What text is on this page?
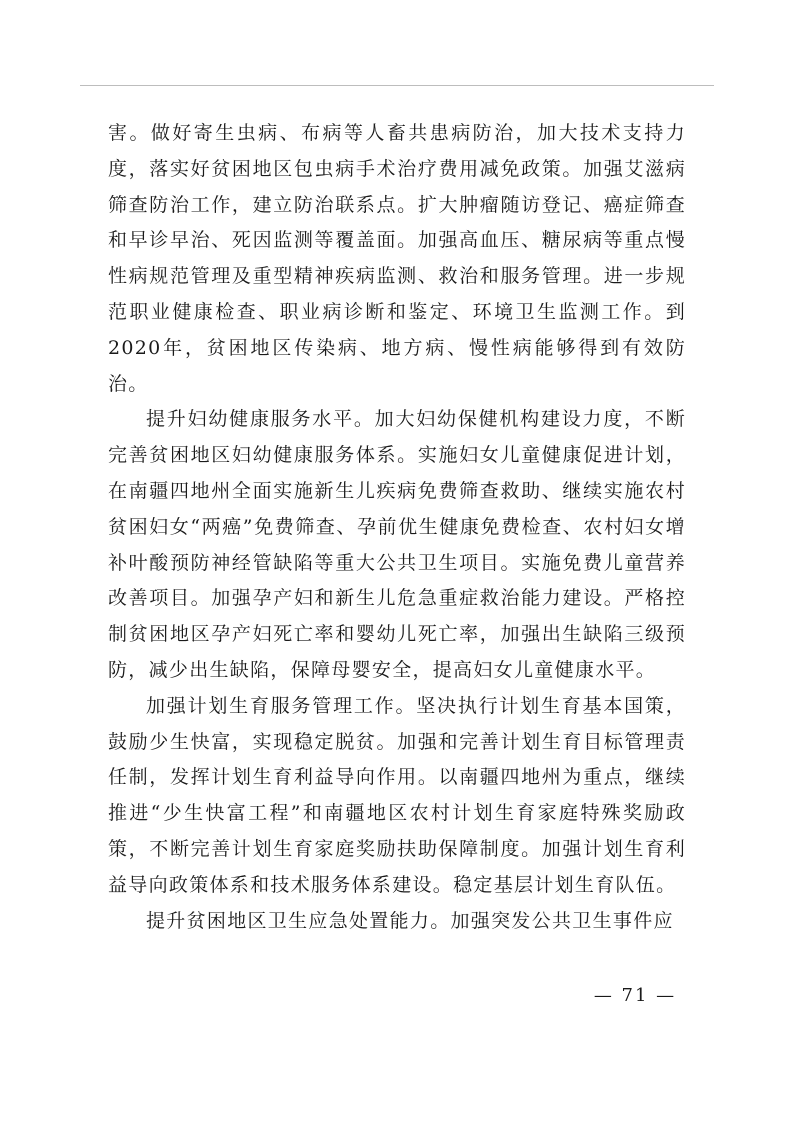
害。做好寄生虫病、布病等人畜共患病防治，加大技术支持力度，落实好贫困地区包虫病手术治疗费用减免政策。加强艾滋病筛查防治工作，建立防治联系点。扩大肿瘤随访登记、癌症筛查和早诊早治、死因监测等覆盖面。加强高血压、糖尿病等重点慢性病规范管理及重型精神疾病监测、救治和服务管理。进一步规范职业健康检查、职业病诊断和鉴定、环境卫生监测工作。到2020年，贫困地区传染病、地方病、慢性病能够得到有效防治。

提升妇幼健康服务水平。加大妇幼保健机构建设力度，不断完善贫困地区妇幼健康服务体系。实施妇女儿童健康促进计划，在南疆四地州全面实施新生儿疾病免费筛查救助、继续实施农村贫困妇女“两癌”免费筛查、孕前优生健康免费检查、农村妇女增补叶酸预防神经管缺陷等重大公共卫生项目。实施免费儿童营养改善项目。加强孕产妇和新生儿危急重症救治能力建设。严格控制贫困地区孕产妇死亡率和婴幼儿死亡率，加强出生缺陷三级预防，减少出生缺陷，保障母婴安全，提高妇女儿童健康水平。

加强计划生育服务管理工作。坚决执行计划生育基本国策，鼓励少生快富，实现稳定脱贫。加强和完善计划生育目标管理责任制，发挥计划生育利益导向作用。以南疆四地州为重点，继续推进“少生快富工程”和南疆地区农村计划生育家庭特殊奖励政策，不断完善计划生育家庭奖励扶助保障制度。加强计划生育利益导向政策体系和技术服务体系建设。稳定基层计划生育队伍。

提升贫困地区卫生应急处置能力。加强突发公共卫生事件应

— 71 —
